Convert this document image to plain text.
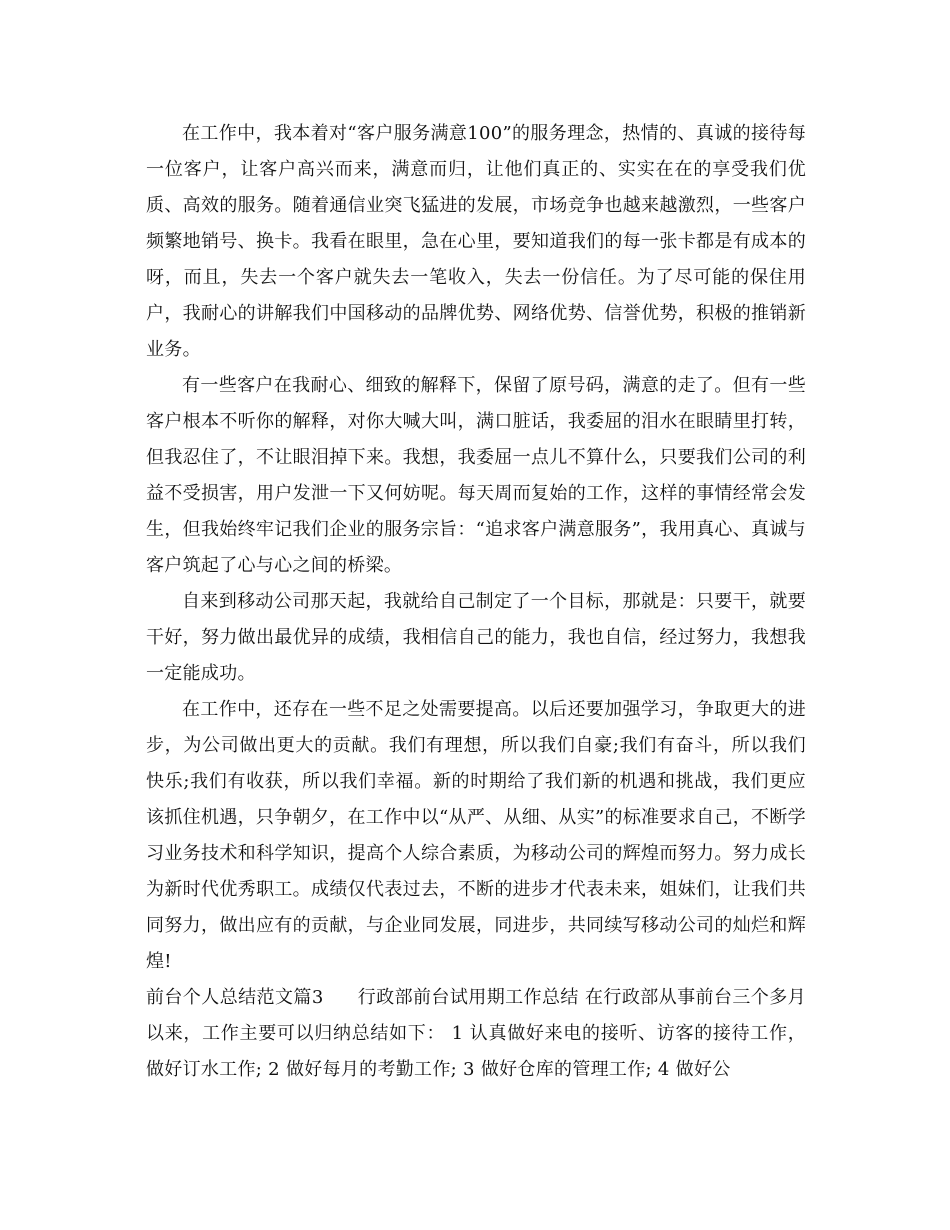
在工作中，我本着对“客户服务满意100”的服务理念，热情的、真诚的接待每一位客户，让客户高兴而来，满意而归，让他们真正的、实实在在的享受我们优质、高效的服务。随着通信业突飞猛进的发展，市场竞争也越来越激烈，一些客户频繁地销号、换卡。我看在眼里，急在心里，要知道我们的每一张卡都是有成本的呀，而且，失去一个客户就失去一笔收入，失去一份信任。为了尽可能的保住用户，我耐心的讲解我们中国移动的品牌优势、网络优势、信誉优势，积极的推销新业务。

有一些客户在我耐心、细致的解释下，保留了原号码，满意的走了。但有一些客户根本不听你的解释，对你大喊大叫，满口脏话，我委屈的泪水在眼睛里打转，但我忍住了，不让眼泪掉下来。我想，我委屈一点儿不算什么，只要我们公司的利益不受损害，用户发泄一下又何妨呢。每天周而复始的工作，这样的事情经常会发生，但我始终牢记我们企业的服务宗旨：“追求客户满意服务”，我用真心、真诚与客户筑起了心与心之间的桥梁。

自来到移动公司那天起，我就给自己制定了一个目标，那就是：只要干，就要干好，努力做出最优异的成绩，我相信自己的能力，我也自信，经过努力，我想我一定能成功。

在工作中，还存在一些不足之处需要提高。以后还要加强学习，争取更大的进步，为公司做出更大的贡献。我们有理想，所以我们自豪;我们有奋斗，所以我们快乐;我们有收获，所以我们幸福。新的时期给了我们新的机遇和挑战，我们更应该抓住机遇，只争朝夕，在工作中以“从严、从细、从实”的标准要求自己，不断学习业务技术和科学知识，提高个人综合素质，为移动公司的辉煌而努力。努力成长为新时代优秀职工。成绩仅代表过去，不断的进步才代表未来，姐妹们，让我们共同努力，做出应有的贡献，与企业同发展，同进步，共同续写移动公司的灿烂和辉煌!

前台个人总结范文篇3 行政部前台试用期工作总结 在行政部从事前台三个多月以来，工作主要可以归纳总结如下： 1 认真做好来电的接听、访客的接待工作，做好订水工作; 2 做好每月的考勤工作; 3 做好仓库的管理工作; 4 做好公
